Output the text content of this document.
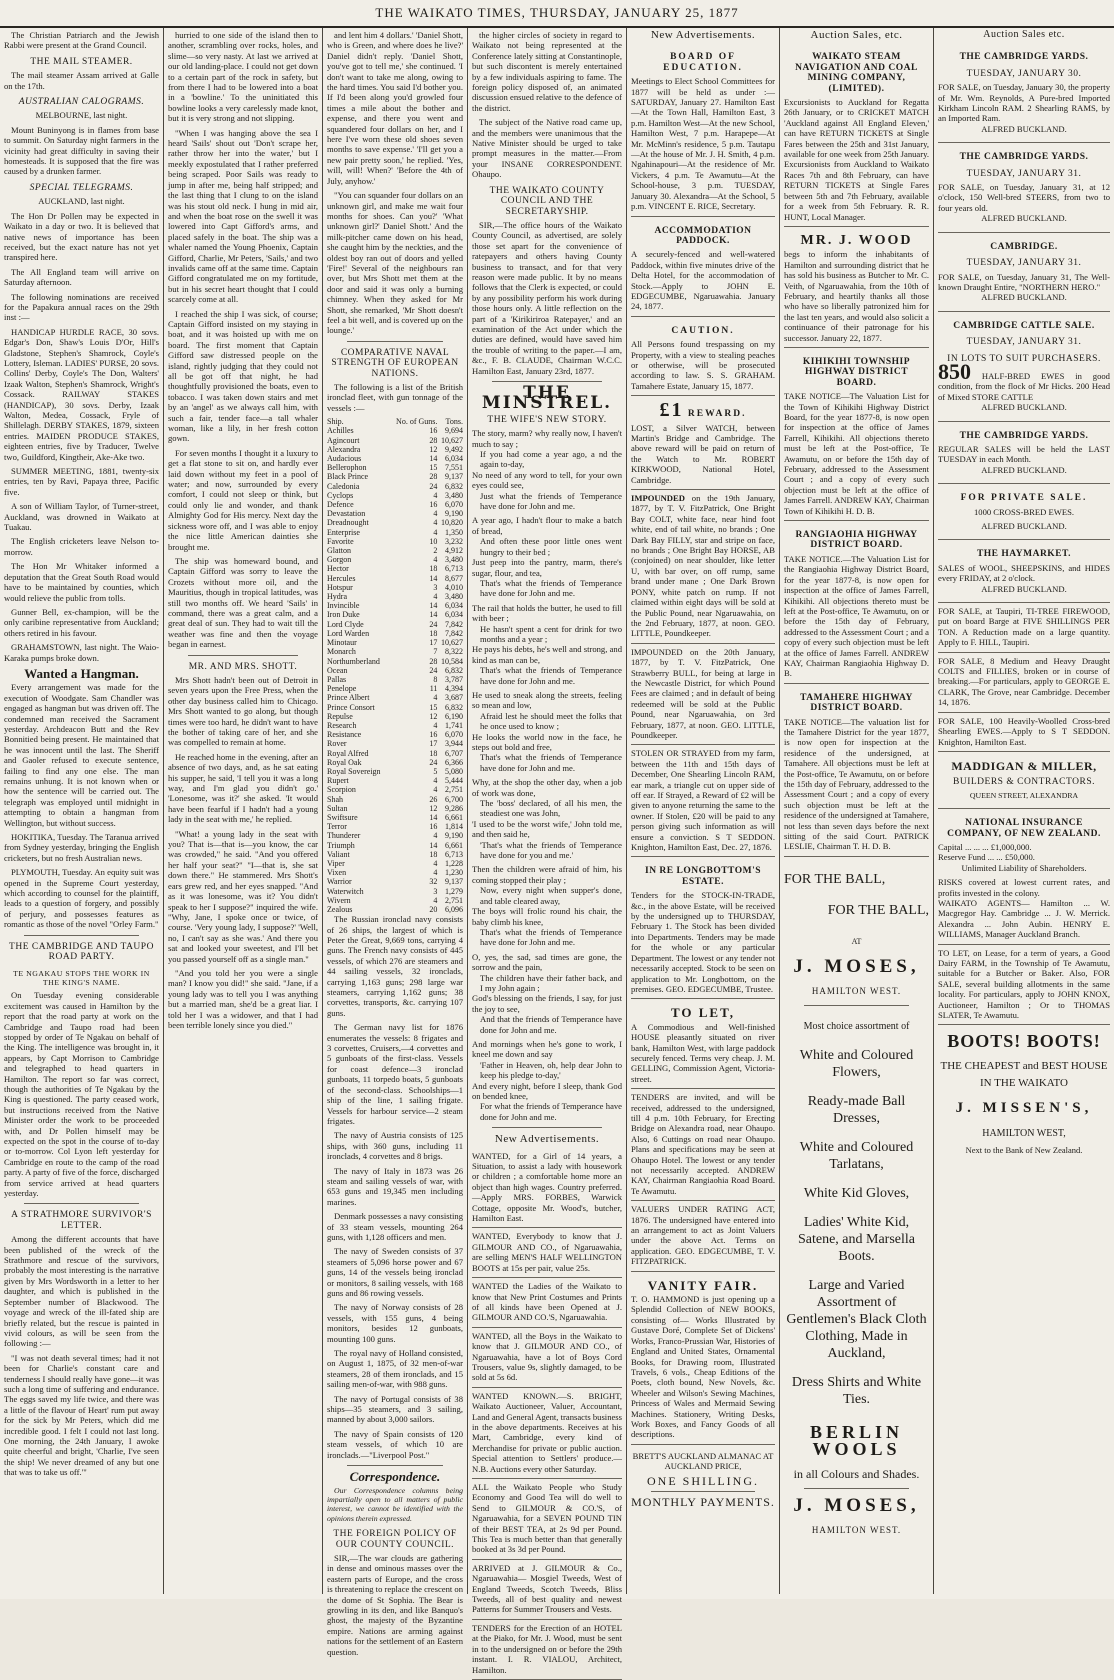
THE WAIKATO TIMES, THURSDAY, JANUARY 25, 1877

The Christian Patriarch and the Jewish Rabbi were present at the Grand Council.

THE MAIL STEAMER.

The mail steamer Assam arrived at Galle on the 17th.

AUSTRALIAN CALOGRAMS.

MELBOURNE, last night.

Mount Buninyong is in flames from base to summit. On Saturday night farmers in the vicinity had great difficulty in saving their homesteads. It is supposed that the fire was caused by a drunken farmer.

SPECIAL TELEGRAMS.

AUCKLAND, last night.

The Hon Dr Pollen may be expected in Waikato in a day or two. It is believed that native news of importance has been received, but the exact nature has not yet transpired here.

The All England team will arrive on Saturday afternoon.

The following nominations are received for the Papakura annual races on the 29th inst :—

HANDICAP HURDLE RACE, 30 sovs. Edgar's Don, Shaw's Louis D'Or, Hill's Gladstone, Stephen's Shamrock, Coyle's Lottery, Isleman. LADIES' PURSE, 20 sovs. Collins' Derby, Coyle's The Don, Walters' Izaak Walton, Stephen's Shamrock, Wright's Cossack. RAILWAY STAKES (HANDICAP), 30 sovs. Derby, Izaak Walton, Medea, Cossack, Fryle of Shillelagh. DERBY STAKES, 1879, sixteen entries. MAIDEN PRODUCE STAKES, eighteen entries, five by Traducer, Twelve two, Guildford, Kingtheir, Ake-Ake two.

SUMMER MEETING, 1881, twenty-six entries, ten by Ravi, Papaya three, Pacific five.

A son of William Taylor, of Turner-street, Auckland, was drowned in Waikato at Tuakau.

The English cricketers leave Nelson to-morrow.

The Hon Mr Whitaker informed a deputation that the Great South Road would have to be maintained by counties, which would relieve the public from tolls.

Gunner Bell, ex-champion, will be the only caribine representative from Auckland; others retired in his favour.

GRAHAMSTOWN, last night. The Waio-Karaka pumps broke down.

Wanted a Hangman.

Every arrangement was made for the execution of Woodgate. Sam Chandler was engaged as hangman but was driven off. The condemned man received the Sacrament yesterday. Archdeacon Butt and the Rev Bonnitied being present. He maintained that he was innocent until the last. The Sheriff and Gaoler refused to execute sentence, failing to find any one else. The man remains unhung. It is not known when or how the sentence will be carried out. The telegraph was employed until midnight in attempting to obtain a hangman from Wellington, but without success.

HOKITIKA, Tuesday. The Taranua arrived from Sydney yesterday, bringing the English cricketers, but no fresh Australian news.

PLYMOUTH, Tuesday. An equity suit was opened in the Supreme Court yesterday, which according to counsel for the plaintiff, leads to a question of forgery, and possibly of perjury, and possesses features as romantic as those of the novel "Orley Farm."

THE CAMBRIDGE AND TAUPO ROAD PARTY.
TE NGAKAU STOPS THE WORK IN THE KING'S NAME.

On Tuesday evening considerable excitement was caused in Hamilton by the report that the road party at work on the Cambridge and Taupo road had been stopped by order of Te Ngakau on behalf of the King. The intelligence was brought in, it appears, by Capt Morrison to Cambridge and telegraphed to head quarters in Hamilton. The report so far was correct, though the authorities of Te Ngakau by the King is questioned. The party ceased work, but instructions received from the Native Minister order the work to be proceeded with, and Dr Pollen himself may be expected on the spot in the course of to-day or to-morrow. Col Lyon left yesterday for Cambridge en route to the camp of the road party. A party of five of the force, discharged from service arrived at head quarters yesterday.

A STRATHMORE SURVIVOR'S LETTER.

Among the different accounts that have been published of the wreck of the Strathmore and rescue of the survivors, probably the most interesting is the narrative given by Mrs Wordsworth in a letter to her daughter, and which is published in the September number of Blackwood. The voyage and wreck of the ill-fated ship are briefly related, but the rescue is painted in vivid colours, as will be seen from the following :—

"I was not death several times; had it not been for Charlie's constant care and tenderness I should really have gone—it was such a long time of suffering and endurance. The eggs saved my life twice, and there was a little of the flavour of Heart' rum put away for the sick by Mr Peters, which did me incredible good. I felt I could not last long. One morning, the 24th January, I awoke quite cheerful and bright, 'Charlie, I've seen the ship! We never dreamed of any but one that was to take us off.'"

hurried to one side of the island then to another, scrambling over rocks, holes, and slime—so very nasty. At last we arrived at our old landing-place. I could not get down to a certain part of the rock in safety, but from there I had to be lowered into a boat in a 'bowline.' To the uninitiated this bowline looks a very carelessly made knot, but it is very strong and not slipping.

"When I was hanging above the sea I heard 'Sails' shout out 'Don't scrape her, rather throw her into the water,' but I meekly expostulated that I rather preferred being scraped. Poor Sails was ready to jump in after me, being half stripped; and the last thing that I clung to on the island was his stout old neck. I hung in mid air, and when the boat rose on the swell it was lowered into Capt Gifford's arms, and placed safely in the boat. The ship was a whaler named the Young Phoenix, Captain Gifford, Charlie, Mr Peters, 'Sails,' and two invalids came off at the same time. Captain Gifford congratulated me on my fortitude, but in his secret heart thought that I could scarcely come at all.

I reached the ship I was sick, of course; Captain Gifford insisted on my staying in boat, and it was hoisted up with me on board. The first moment that Captain Gifford saw distressed people on the island, rightly judging that they could not all be got off that night, he had thoughtfully provisioned the boats, even to tobacco. I was taken down stairs and met by an 'angel' as we always call him, with such a fair, tender face—a tall whaler woman, like a lily, in her fresh cotton gown.

For seven months I thought it a luxury to get a flat stone to sit on, and hardly ever laid down without my feet in a pool of water; and now, surrounded by every comfort, I could not sleep or think, but could only lie and wonder, and thank Almighty God for His mercy. Next day the sickness wore off, and I was able to enjoy the nice little American dainties she brought me.

The ship was homeward bound, and Captain Gifford was sorry to leave the Crozets without more oil, and the Mauritius, though in tropical latitudes, was still two months off. We heard 'Sails' in command, there was a great calm, and a great deal of sun. They had to wait till the weather was fine and then the voyage began in earnest.

MR. AND MRS. SHOTT.

Mrs Shott hadn't been out of Detroit in seven years upon the Free Press, when the other day business called him to Chicago. Mrs Shott wanted to go along, but though times were too hard, he didn't want to have the bother of taking care of her, and she was compelled to remain at home.

He reached home in the evening, after an absence of two days, and, as he sat eating his supper, he said, 'I tell you it was a long way, and I'm glad you didn't go.' 'Lonesome, was it?' she asked. 'It would have been fearful if I hadn't had a young lady in the seat with me,' he replied.

"What! a young lady in the seat with you? That is—that is—you know, the car was crowded," he said. "And you offered her half your seat?" "I—that is, she sat down there." He stammered. Mrs Shott's ears grew red, and her eyes snapped. "And as it was lonesome, was it? You didn't speak to her I suppose?" inquired the wife. "Why, Jane, I spoke once or twice, of course. 'Very young lady, I suppose?' 'Well, no, I can't say as she was.' And there you sat and looked your sweetest, and I'll bet you passed yourself off as a single man."

"And you told her you were a single man? I know you did!" she said. "Jane, if a young lady was to tell you I was anything but a married man, she'd be a great liar. I told her I was a widower, and that I had been terrible lonely since you died."

and lent him 4 dollars.' 'Daniel Shott, who is Green, and where does he live?' Daniel didn't reply. 'Daniel Shott, you've got to tell me,' she continued. 'I don't want to take me along, owing to the hard times. You said I'd bother you. If I'd been along you'd growled four times a mile about the bother and expense, and there you went and squandered four dollars on her, and I here I've worn these old shoes seven months to save expense.' 'I'll get you a new pair pretty soon,' he replied. 'Yes, will, will! When?' 'Before the 4th of July, anyhow.'

"You can squander four dollars on an unknown girl, and make me wait four months for shoes. Can you?' 'What unknown girl?' Daniel Shott.' And the milk-pitcher came down on his head, she caught him by the neckties, and the oldest boy ran out of doors and yelled 'Fire!' Several of the neighbours ran over, but Mrs Shott met them at the door and said it was only a burning chimney. When they asked for Mr Shott, she remarked, 'Mr Shott doesn't feel a bit well, and is covered up on the lounge.'

COMPARATIVE NAVAL STRENGTH OF EUROPEAN NATIONS.

The following is a list of the British ironclad fleet, with gun tonnage of the vessels :—

Ship.	No. of Guns.	Tons.
Achilles	16	9,694
Agincourt	28	10,627
Alexandra	12	9,492
Audacious	14	6,034
Bellerophon	15	7,551
Black Prince	28	9,137
Caledonia	24	6,832
Cyclops	4	3,480
Defence	16	6,070
Devastation	4	9,190
Dreadnought	4	10,820
Enterprise	4	1,350
Favorite	10	3,232
Glatton	2	4,912
Gorgon	4	3,480
Hector	18	6,713
Hercules	14	8,677
Hotspur	3	4,010
Hydra	4	3,480
Invincible	14	6,034
Iron Duke	14	6,034
Lord Clyde	24	7,842
Lord Warden	18	7,842
Minotaur	17	10,627
Monarch	7	8,322
Northumberland	28	10,584
Ocean	24	6,832
Pallas	8	3,787
Penelope	11	4,394
Prince Albert	4	3,687
Prince Consort	15	6,832
Repulse	12	6,190
Research	4	1,741
Resistance	16	6,070
Rover	17	3,944
Royal Alfred	18	6,707
Royal Oak	24	6,366
Royal Sovereign	5	5,080
Rupert	4	5,444
Scorpion	4	2,751
Shah	26	6,700
Sultan	12	9,286
Swiftsure	14	6,661
Terror	16	1,814
Thunderer	4	9,190
Triumph	14	6,661
Valiant	18	6,713
Viper	4	1,228
Vixen	4	1,230
Warrior	32	9,137
Waterwitch	3	1,279
Wivern	4	2,751
Zealous	20	6,096

The Russian ironclad navy consists of 26 ships, the largest of which is Peter the Great, 9,669 tons, carrying 4 guns. The French navy consists of 445 vessels, of which 276 are steamers and 44 sailing vessels, 32 ironclads, carrying 1,163 guns; 298 large war steamers, carrying 1,162 guns; 38 corvettes, transports, &c. carrying 107 guns.

The German navy list for 1876 enumerates the vessels: 8 frigates and 3 corvettes, Cruisers,—4 corvettes and 5 gunboats of the first-class. Vessels for coast defence—3 ironclad gunboats, 11 torpedo boats, 5 gunboats of the second-class. Schoolships—1 ship of the line, 1 sailing frigate. Vessels for harbour service—2 steam frigates.

The navy of Austria consists of 125 ships, with 360 guns, including 11 ironclads, 4 corvettes and 8 brigs.

The navy of Italy in 1873 was 26 steam and sailing vessels of war, with 653 guns and 19,345 men including marines.

Denmark possesses a navy consisting of 33 steam vessels, mounting 264 guns, with 1,128 officers and men.

The navy of Sweden consists of 37 steamers of 5,096 horse power and 67 guns, 14 of the vessels being ironclad or monitors, 8 sailing vessels, with 168 guns and 86 rowing vessels.

The navy of Norway consists of 28 vessels, with 155 guns, 4 being monitors, besides 12 gunboats, mounting 100 guns.

The royal navy of Holland consisted, on August 1, 1875, of 32 men-of-war steamers, 28 of them ironclads, and 15 sailing men-of-war, with 988 guns.

The navy of Portugal consists of 38 ships—35 steamers, and 3 sailing, manned by about 3,000 sailors.

The navy of Spain consists of 120 steam vessels, of which 10 are ironclads.—"Liverpool Post."

Correspondence.

Our Correspondence columns being impartially open to all matters of public interest, we cannot be identified with the opinions therein expressed.

THE FOREIGN POLICY OF OUR COUNTY COUNCIL.

SIR,—The war clouds are gathering in dense and ominous masses over the eastern parts of Europe, and the cross is threatening to replace the crescent on the dome of St Sophia. The Bear is growling in its den, and like Banquo's ghost, the majesty of the Byzantine empire. Nations are arming against nations for the settlement of an Eastern question.

the higher circles of society in regard to Waikato not being represented at the Conference lately sitting at Constantinople, but such discontent is merely entertained by a few individuals aspiring to fame. The foreign policy disposed of, an animated discussion ensued relative to the defence of the district.

The subject of the Native road came up, and the members were unanimous that the Native Minister should be urged to take prompt measures in the matter.—From your INSANE CORRESPONDENT. Ohaupo.

THE WAIKATO COUNTY COUNCIL AND THE SECRETARYSHIP.

SIR,—The office hours of the Waikato County Council, as advertised, are solely those set apart for the convenience of ratepayers and others having County business to transact, and for that very reason were made public. It by no means follows that the Clerk is expected, or could by any possibility perform his work during those hours only. A little reflection on the part of a 'Kirikiriroa Ratepayer,' and an examination of the Act under which the duties are defined, would have saved him the trouble of writing to the paper.—I am, &c., F. B. CLAUDE, Chairman W.C.C. Hamilton East, January 23rd, 1877.

THE MINSTREL.
THE WIFE'S NEW STORY.
The story, marm? why really now, I haven't much to say ;
If you had come a year ago, a nd the again to-day,
No need of any word to tell, for your own eyes could see,
Just what the friends of Temperance have done for John and me.
A year ago, I hadn't flour to make a batch of bread,
And often these poor little ones went hungry to their bed ;
Just peep into the pantry, marm, there's sugar, flour, and tea,
That's what the friends of Temperance have done for John and me.
The rail that holds the butter, he used to fill with beer ;
He hasn't spent a cent for drink for two months and a year ;
He pays his debts, he's well and strong, and kind as man can be,
That's what the friends of Temperance have done for John and me.
He used to sneak along the streets, feeling so mean and low,
Afraid lest he should meet the folks that he once used to know ;
He looks the world now in the face, he steps out bold and free,
That's what the friends of Temperance have done for John and me.
Why, at the shop the other day, when a job of work was done,
The 'boss' declared, of all his men, the steadiest one was John,
'I used to be the worst wife,' John told me, and then said he,
'That's what the friends of Temperance have done for you and me.'
Then the children were afraid of him, his coming stopped their play ;
Now, every night when supper's done, and table cleared away,
The boys will frolic round his chair, the baby climb his knee,
That's what the friends of Temperance have done for John and me.
O, yes, the sad, sad times are gone, the sorrow and the pain,
The children have their father back, and I my John again ;
God's blessing on the friends, I say, for just the joy to see,
And that the friends of Temperance have done for John and me.
And mornings when he's gone to work, I kneel me down and say
'Father in Heaven, oh, help dear John to keep his pledge to-day,'
And every night, before I sleep, thank God on bended knee,
For what the friends of Temperance have done for John and me.
New Advertisements.

WANTED, for a Girl of 14 years, a Situation, to assist a lady with housework or children ; a comfortable home more an object than high wages. Country preferred.—Apply MRS. FORBES, Warwick Cottage, opposite Mr. Wood's, butcher, Hamilton East.

WANTED, Everybody to know that J. GILMOUR AND CO., of Ngaruawahia, are selling MEN'S HALF WELLINGTON BOOTS at 15s per pair, value 25s.

WANTED the Ladies of the Waikato to know that New Print Costumes and Prints of all kinds have been Opened at J. GILMOUR AND CO.'S, Ngaruawahia.

WANTED, all the Boys in the Waikato to know that J. GILMOUR AND CO., of Ngaruawahia, have a lot of Boys Cord Trousers, value 9s, slightly damaged, to be sold at 5s 6d.

WANTED KNOWN.—S. BRIGHT, Waikato Auctioneer, Valuer, Accountant, Land and General Agent, transacts business in the above departments. Receives at his Mart, Cambridge, every kind of Merchandise for private or public auction. Special attention to Settlers' produce.—N.B. Auctions every other Saturday.

ALL the Waikato People who Study Economy and Good Tea will do well to Send to GILMOUR & CO.'S, of Ngaruawahia, for a SEVEN POUND TIN of their BEST TEA, at 2s 9d per Pound. This Tea is much better than that generally booked at 3s 3d per Pound.

ARRIVED at J. GILMOUR & Co., Ngaruawahia— Mosgiel Tweeds, West of England Tweeds, Scotch Tweeds, Bliss Tweeds, all of best quality and newest Patterns for Summer Trousers and Vests.

TENDERS for the Erection of an HOTEL at the Piako, for Mr. J. Wood, must be sent in to the undersigned on or before the 29th instant. I. R. VIALOU, Architect, Hamilton.

New Advertisements.
BOARD OF EDUCATION.

Meetings to Elect School Committees for 1877 will be held as under :— SATURDAY, January 27. Hamilton East—At the Town Hall, Hamilton East, 3 p.m. Hamilton West—At the new School, Hamilton West, 7 p.m. Harapepe—At Mr. McMinn's residence, 5 p.m. Tautapu—At the house of Mr. J. H. Smith, 4 p.m. Ngahinapouri—At the residence of Mr. Vickers, 4 p.m. Te Awamutu—At the School-house, 3 p.m. TUESDAY, January 30. Alexandra—At the School, 5 p.m. VINCENT E. RICE, Secretary.

ACCOMMODATION PADDOCK.

A securely-fenced and well-watered Paddock, within five minutes drive of the Delta Hotel, for the accommodation of Stock.—Apply to JOHN E. EDGECUMBE, Ngaruawahia. January 24, 1877.

CAUTION.

All Persons found trespassing on my Property, with a view to stealing peaches or otherwise, will be prosecuted according to law. S. S. GRAHAM. Tamahere Estate, January 15, 1877.

£1 REWARD.

LOST, a Silver WATCH, between Martin's Bridge and Cambridge. The above reward will be paid on return of the Watch to Mr. ROBERT KIRKWOOD, National Hotel, Cambridge.

IMPOUNDED on the 19th January, 1877, by T. V. FitzPatrick, One Bright Bay COLT, white face, near hind foot white, end of tail white, no brands ; One Dark Bay FILLY, star and stripe on face, no brands ; One Bright Bay HORSE, AB (conjoined) on near shoulder, like letter U, with bar over, on off rump, same brand under mane ; One Dark Brown PONY, white patch on rump. If not claimed within eight days will be sold at the Public Pound, near Ngaruawahia, on the 2nd February, 1877, at noon. GEO. LITTLE, Poundkeeper.

IMPOUNDED on the 20th January, 1877, by T. V. FitzPatrick, One Strawberry BULL, for being at large in the Newcastle District, for which Pound Fees are claimed ; and in default of being redeemed will be sold at the Public Pound, near Ngaruawahia, on 3rd February, 1877, at noon. GEO. LITTLE, Poundkeeper.

STOLEN OR STRAYED from my farm, between the 11th and 15th days of December, One Shearling Lincoln RAM, ear mark, a triangle cut on upper side of off ear. If Strayed, a Reward of £2 will be given to anyone returning the same to the owner. If Stolen, £20 will be paid to any person giving such information as will ensure a conviction. S T SEDDON. Knighton, Hamilton East, Dec. 27, 1876.

IN RE LONGBOTTOM'S ESTATE.

Tenders for the STOCK-IN-TRADE, &c., in the above Estate, will be received by the undersigned up to THURSDAY, February 1. The Stock has been divided into Departments. Tenders may be made for the whole or any particular Department. The lowest or any tender not necessarily accepted. Stock to be seen on application to Mr. Longbottom, on the premises. GEO. EDGECUMBE, Trustee.

TO LET,

A Commodious and Well-finished HOUSE pleasantly situated on river bank, Hamilton West, with large paddock securely fenced. Terms very cheap. J. M. GELLING, Commission Agent, Victoria-street.

TENDERS are invited, and will be received, addressed to the undersigned, till 4 p.m. 10th February, for Erecting Bridge on Alexandra road, near Ohaupo. Also, 6 Cuttings on road near Ohaupo. Plans and specifications may be seen at Ohaupo Hotel. The lowest or any tender not necessarily accepted. ANDREW KAY, Chairman Rangiaohia Road Board. Te Awamutu.

VALUERS UNDER RATING ACT, 1876. The undersigned have entered into an arrangement to act as Joint Valuers under the above Act. Terms on application. GEO. EDGECUMBE, T. V. FITZPATRICK.

VANITY FAIR.

T. O. HAMMOND is just opening up a Splendid Collection of NEW BOOKS, consisting of— Works Illustrated by Gustave Doré, Complete Set of Dickens' Works, Franco-Prussian War, Histories of England and United States, Ornamental Books, for Drawing room, Illustrated Travels, 6 vols., Cheap Editions of the Poets, cloth bound, New Novels, &c. Wheeler and Wilson's Sewing Machines, Princess of Wales and Mermaid Sewing Machines. Stationery, Writing Desks, Work Boxes, and Fancy Goods of all descriptions.

BRETT'S AUCKLAND ALMANAC AT AUCKLAND PRICE,

ONE SHILLING.

MONTHLY PAYMENTS.

Auction Sales, etc.
WAIKATO STEAM NAVIGATION AND COAL MINING COMPANY, (LIMITED).

Excursionists to Auckland for Regatta 26th January, or to CRICKET MATCH 'Auckland against All England Eleven,' can have RETURN TICKETS at Single Fares between the 25th and 31st January, available for one week from 25th January. Excursionists from Auckland to Waikato Races 7th and 8th February, can have RETURN TICKETS at Single Fares between 5th and 7th February, available for a week from 5th February. R. R. HUNT, Local Manager.

MR. J. WOOD

begs to inform the inhabitants of Hamilton and surrounding district that he has sold his business as Butcher to Mr. C. Veith, of Ngaruawahia, from the 10th of February, and heartily thanks all those who have so liberally patronized him for the last ten years, and would also solicit a continuance of their patronage for his successor. January 22, 1877.

KIHIKIHI TOWNSHIP HIGHWAY DISTRICT BOARD.

TAKE NOTICE—The Valuation List for the Town of Kihikihi Highway District Board, for the year 1877-8, is now open for inspection at the office of James Farrell, Kihikihi. All objections thereto must be left at the Post-office, Te Awamutu, on or before the 15th day of February, addressed to the Assessment Court ; and a copy of every such objection must be left at the office of James Farrell. ANDREW KAY, Chairman Town of Kihikihi H. D. B.

RANGIAOHIA HIGHWAY DISTRICT BOARD.

TAKE NOTICE.—The Valuation List for the Rangiaohia Highway District Board, for the year 1877-8, is now open for inspection at the office of James Farrell, Kihikihi. All objections thereto must be left at the Post-office, Te Awamutu, on or before the 15th day of February, addressed to the Assessment Court ; and a copy of every such objection must be left at the office of James Farrell. ANDREW KAY, Chairman Rangiaohia Highway D. B.

TAMAHERE HIGHWAY DISTRICT BOARD.

TAKE NOTICE—The valuation list for the Tamahere District for the year 1877, is now open for inspection at the residence of the undersigned, at Tamahere. All objections must be left at the Post-office, Te Awamutu, on or before the 15th day of February, addressed to the Assessment Court ; and a copy of every such objection must be left at the residence of the undersigned at Tamahere, not less than seven days before the next sitting of the said Court. PATRICK LESLIE, Chairman T. H. D. B.

FOR THE BALL,
FOR THE BALL,
AT
J. MOSES,
HAMILTON WEST.
Most choice assortment of
White and Coloured Flowers,
Ready-made Ball Dresses,
White and Coloured Tarlatans,
White Kid Gloves,
Ladies' White Kid, Satene, and Marsella Boots.
Large and Varied Assortment of Gentlemen's Black Cloth Clothing, Made in Auckland,
Dress Shirts and White Ties.
BERLIN WOOLS
in all Colours and Shades.
J. MOSES,
HAMILTON WEST.
Auction Sales etc.
THE CAMBRIDGE YARDS.
TUESDAY, JANUARY 30.

FOR SALE, on Tuesday, January 30, the property of Mr. Wm. Reynolds, A Pure-bred Imported Kirkham Lincoln RAM. 2 Shearling RAMS, by an Imported Ram.

ALFRED BUCKLAND.

THE CAMBRIDGE YARDS.
TUESDAY, JANUARY 31.

FOR SALE, on Tuesday, January 31, at 12 o'clock, 150 Well-bred STEERS, from two to four years old.

ALFRED BUCKLAND.

CAMBRIDGE.
TUESDAY, JANUARY 31.

FOR SALE, on Tuesday, January 31, The Well-known Draught Entire, "NORTHERN HERO."

ALFRED BUCKLAND.

CAMBRIDGE CATTLE SALE.
TUESDAY, JANUARY 31.
IN LOTS TO SUIT PURCHASERS.

850 HALF-BRED EWES in good condition, from the flock of Mr Hicks. 200 Head of Mixed STORE CATTLE

ALFRED BUCKLAND.

THE CAMBRIDGE YARDS.

REGULAR SALES will be held the LAST TUESDAY in each Month.

ALFRED BUCKLAND.

FOR PRIVATE SALE.

1000 CROSS-BRED EWES.

ALFRED BUCKLAND.

THE HAYMARKET.

SALES of WOOL, SHEEPSKINS, and HIDES every FRIDAY, at 2 o'clock.

ALFRED BUCKLAND.

FOR SALE, at Taupiri, TI-TREE FIREWOOD, put on board Barge at FIVE SHILLINGS PER TON. A Reduction made on a large quantity. Apply to F. HILL, Taupiri.

FOR SALE, 8 Medium and Heavy Draught COLTS and FILLIES, broken or in course of breaking.—For particulars, apply to GEORGE E. CLARK, The Grove, near Cambridge. December 14, 1876.

FOR SALE, 100 Heavily-Woolled Cross-bred Shearling EWES.—Apply to S T SEDDON. Knighton, Hamilton East.

MADDIGAN & MILLER,
BUILDERS & CONTRACTORS.

QUEEN STREET, ALEXANDRA

NATIONAL INSURANCE COMPANY, OF NEW ZEALAND.

Capital ... ... ... £1,000,000.

Reserve Fund ... ... £50,000.

Unlimited Liability of Shareholders.

RISKS covered at lowest current rates, and profits invested in the colony.

WAIKATO AGENTS— Hamilton ... W. Macgregor Hay. Cambridge ... J. W. Merrick. Alexandra ... John Aubin. HENRY E. WILLIAMS, Manager Auckland Branch.

TO LET, on Lease, for a term of years, a Good Dairy FARM, in the Township of Te Awamutu, suitable for a Butcher or Baker. Also, FOR SALE, several building allotments in the same locality. For particulars, apply to JOHN KNOX, Auctioneer, Hamilton ; Or to THOMAS SLATER, Te Awamutu.

BOOTS! BOOTS!
THE CHEAPEST and BEST HOUSE IN THE WAIKATO
J. MISSEN'S,
HAMILTON WEST,
Next to the Bank of New Zealand.
